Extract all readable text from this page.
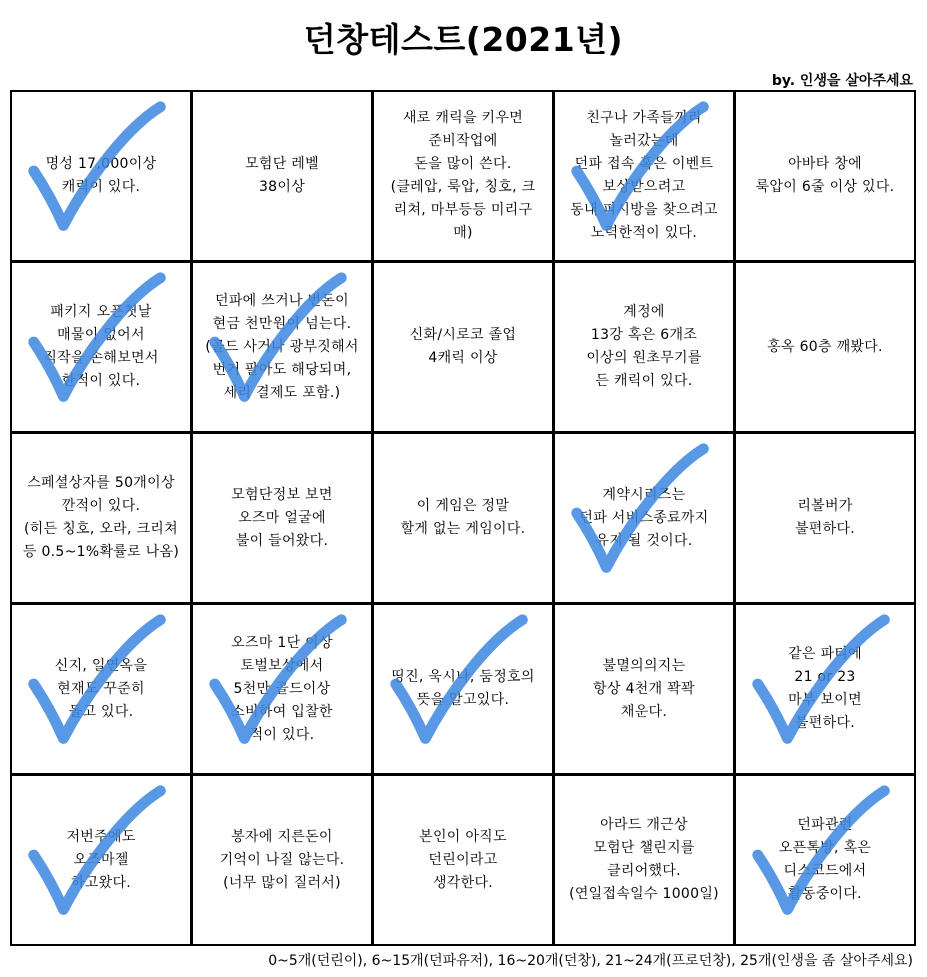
던창테스트(2021년)
by. 인생을 살아주세요
명성 17,000이상
캐릭이 있다.
모험단 레벨
38이상
새로 캐릭을 키우면
준비작업에
돈을 많이 쓴다.
(클레압, 룩압, 칭호, 크
리쳐, 마부등등 미리구
매)
친구나 가족들끼리
놀러갔는데
던파 접속 혹은 이벤트
보상받으려고
동내 피시방을 찾으려고
노력한적이 있다.
아바타 창에
룩압이 6줄 이상 있다.
패키지 오픈첫날
매물이 없어서
직작을 손해보면서
한적이 있다.
던파에 쓰거나 번돈이
현금 천만원이 넘는다.
(골드 사거나 광부짓해서
번거 팔아도 해당되며,
세리 결제도 포함.)
신화/시로코 졸업
4캐릭 이상
계정에
13강 혹은 6개조
이상의 원초무기를
든 캐릭이 있다.
홍옥 60층 깨봤다.
스페셜상자를 50개이상
깐적이 있다.
(히든 칭호, 오라, 크리쳐
등 0.5~1%확률로 나옴)
모험단정보 보면
오즈마 얼굴에
불이 들어왔다.
이 게임은 정말
할게 없는 게임이다.
계약시리즈는
던파 서비스종료까지
유지 될 것이다.
리볼버가
불편하다.
신지, 일연옥을
현재도 꾸준히
돌고 있다.
오즈마 1단 이상
토벌보상에서
5천만 골드이상
소비하여 입찰한
적이 있다.
띵진, 욱시나, 둠정호의
뜻을 알고있다.
불멸의의지는
항상 4천개 꽉꽉
채운다.
같은 파티에
21 or 23
마부 보이면
불편하다.
저번주에도
오즈마젤
하고왔다.
봉자에 지른돈이
기억이 나질 않는다.
(너무 많이 질러서)
본인이 아직도
던린이라고
생각한다.
아라드 개근상
모험단 챌린지를
클리어했다.
(연일접속일수 1000일)
던파관련
오픈톡방, 혹은
디스코드에서
활동중이다.
0~5개(던린이), 6~15개(던파유저), 16~20개(던창), 21~24개(프로던창), 25개(인생을 좀 살아주세요)
